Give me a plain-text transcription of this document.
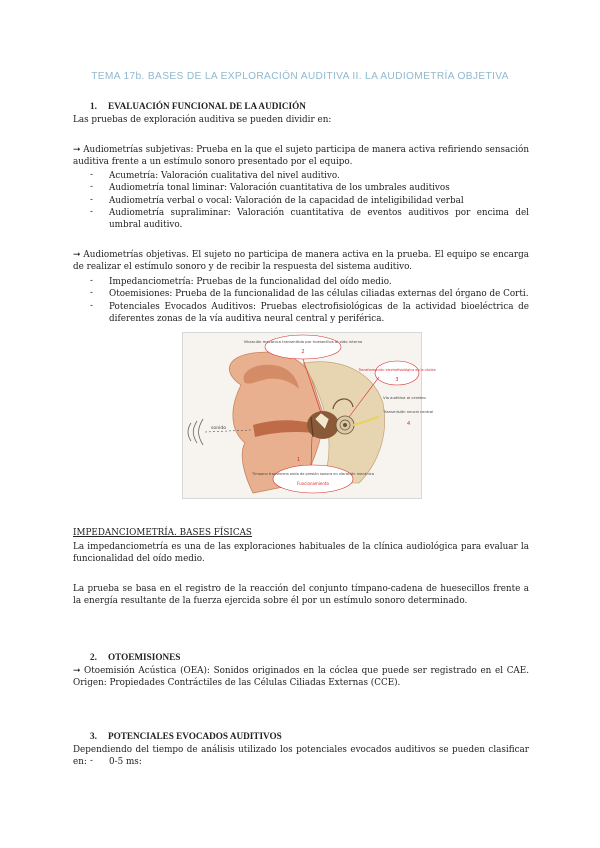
TEMA 17b. BASES DE LA EXPLORACIÓN AUDITIVA II. LA AUDIOMETRÍA OBJETIVA
1. EVALUACIÓN FUNCIONAL DE LA AUDICIÓN
Las pruebas de exploración auditiva se pueden dividir en:
➞ Audiometrías subjetivas: Prueba en la que el sujeto participa de manera activa refiriendo sensación auditiva frente a un estímulo sonoro presentado por el equipo.
- Acumetría: Valoración cualitativa del nivel auditivo.
- Audiometría tonal liminar: Valoración cuantitativa de los umbrales auditivos
- Audiometría verbal o vocal: Valoración de la capacidad de inteligibilidad verbal
- Audiometría supraliminar: Valoración cuantitativa de eventos auditivos por encima del umbral auditivo.
➞ Audiometrías objetivas. El sujeto no participa de manera activa en la prueba. El equipo se encarga de realizar el estímulo sonoro y de recibir la respuesta del sistema auditivo.
- Impedanciometría: Pruebas de la funcionalidad del oído medio.
- Otoemisiones: Prueba de la funcionalidad de las células ciliadas externas del órgano de Corti.
- Potenciales Evocados Auditivos: Pruebas electrofisiológicas de la actividad bioeléctrica de diferentes zonas de la vía auditiva neural central y periférica.
sonido
Vibración mecánica transmitida por huesecillos al oído interno
2
Transformación electrofisiológica en la cóclea
3
Vía auditiva al cerebro
Transmisión neural central
4
Tímpano transforma onda de presión sonora en vibración mecánica
Funcionamiento
1
IMPEDANCIOMETRÍA. BASES FÍSICAS
La impedanciometría es una de las exploraciones habituales de la clínica audiológica para evaluar la funcionalidad del oído medio.
La prueba se basa en el registro de la reacción del conjunto tímpano-cadena de huesecillos frente a la energía resultante de la fuerza ejercida sobre él por un estímulo sonoro determinado.
2. OTOEMISIONES
➞ Otoemisión Acústica (OEA): Sonidos originados en la cóclea que puede ser registrado en el CAE. Origen: Propiedades Contráctiles de las Células Ciliadas Externas (CCE).
3. POTENCIALES EVOCADOS AUDITIVOS
Dependiendo del tiempo de análisis utilizado los potenciales evocados auditivos se pueden clasificar en: - 0-5 ms:
